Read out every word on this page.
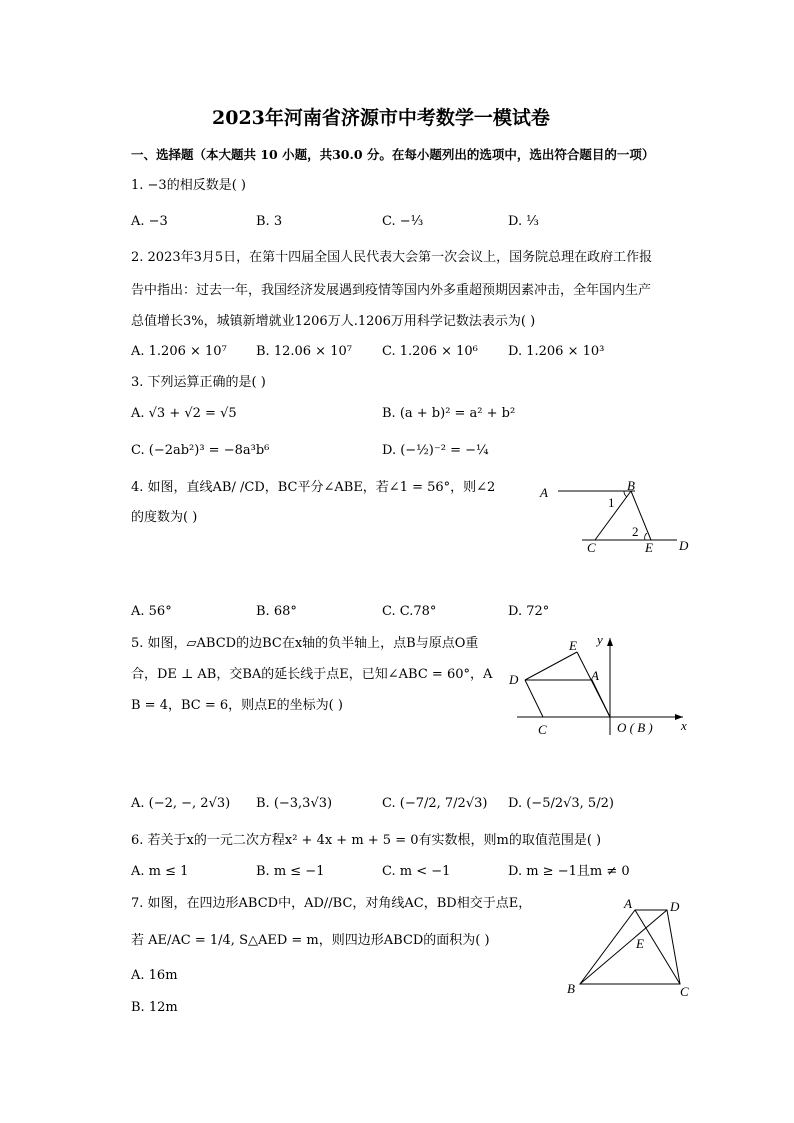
2023年河南省济源市中考数学一模试卷
一、选择题（本大题共 10 小题，共30.0 分。在每小题列出的选项中，选出符合题目的一项）
1. −3的相反数是( )
A. −3	B. 3	C. −⅓	D. ⅓
2. 2023年3月5日，在第十四届全国人民代表大会第一次会议上，国务院总理在政府工作报
告中指出：过去一年，我国经济发展遇到疫情等国内外多重超预期因素冲击，全年国内生产
总值增长3%，城镇新增就业1206万人.1206万用科学记数法表示为( )
A. 1.206 × 10⁷ B. 12.06 × 10⁷ C. 1.206 × 10⁶ D. 1.206 × 10³
3. 下列运算正确的是( )
A. √3 + √2 = √5	B. (a + b)² = a² + b²
C. (−2ab²)³ = −8a³b⁶	D. (−½)⁻² = −¼
4. 如图，直线AB/ /CD，BC平分∠ABE，若∠1 = 56°，则∠2
的度数为( )
A	B
1
2
C	E D
A. 56°	B. 68°	C. C.78°	D. 72°
5. 如图，▱ABCD的边BC在x轴的负半轴上，点B与原点O重
合，DE ⊥ AB，交BA的延长线于点E，已知∠ABC = 60°，A
B = 4，BC = 6，则点E的坐标为( )
E y
D	A
C	O ( B ) x
A. (−2, −, 2√3) B. (−3,3√3)	C. (−7/2, 7/2√3) D. (−5/2√3, 5/2)
6. 若关于x的一元二次方程x² + 4x + m + 5 = 0有实数根，则m的取值范围是( )
A. m ≤ 1	B. m ≤ −1	C. m < −1	D. m ≥ −1且m ≠ 0
7. 如图，在四边形ABCD中，AD//BC，对角线AC，BD相交于点E，
若 AE/AC = 1/4, S△AED = m，则四边形ABCD的面积为( )
A	D
E
B	C
A. 16m
B. 12m
